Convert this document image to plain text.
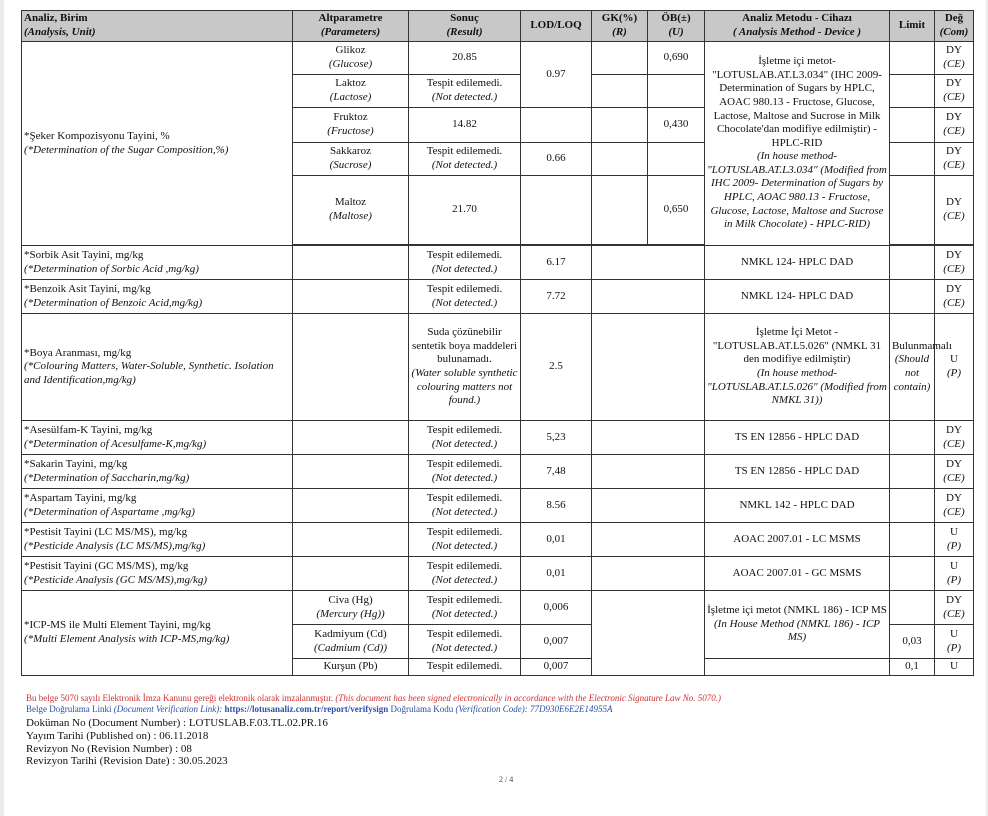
Analiz, Birim
(Analysis, Unit)	Altparametre
(Parameters)	Sonuç
(Result)	LOD/LOQ	GK(%)
(R)	ÖB(±)
(U)	Analiz Metodu - Cihazı
( Analysis Method - Device )	Limit	Değ
(Com)

*Şeker Kompozisyonu Tayini, %
(*Determination of the Sugar Composition,%)	Glikoz
(Glucose)	20.85	0.97		0,690	İşletme içi metot- "LOTUSLAB.AT.L3.034" (IHC 2009- Determination of Sugars by HPLC, AOAC 980.13 - Fructose, Glucose, Lactose, Maltose and Sucrose in Milk Chocolate'dan modifiye edilmiştir) - HPLC-RID
(In house method- "LOTUSLAB.AT.L3.034" (Modified from IHC 2009- Determination of Sugars by HPLC, AOAC 980.13 - Fructose, Glucose, Lactose, Maltose and Sucrose in Milk Chocolate) - HPLC-RID)		DY
(CE)

	Laktoz
(Lactose)	Tespit edilemedi.
(Not detected.)						DY
(CE)

	Fruktoz
(Fructose)	14.82			0,430			DY
(CE)

	Sakkaroz
(Sucrose)	Tespit edilemedi.
(Not detected.)	0.66					DY
(CE)

	Maltoz
(Maltose)	21.70			0,650			DY
(CE)

*Sorbik Asit Tayini, mg/kg
(*Determination of Sorbic Acid ,mg/kg)		Tespit edilemedi.
(Not detected.)	6.17			NMKL 124- HPLC DAD		DY
(CE)

*Benzoik Asit Tayini, mg/kg
(*Determination of Benzoic Acid,mg/kg)		Tespit edilemedi.
(Not detected.)	7.72			NMKL 124- HPLC DAD		DY
(CE)

*Boya Aranması, mg/kg
(*Colouring Matters, Water-Soluble, Synthetic. Isolation and Identification,mg/kg)		Suda çözünebilir sentetik boya maddeleri bulunamadı.
(Water soluble synthetic colouring matters not found.)	2.5			İşletme İçi Metot - "LOTUSLAB.AT.L5.026" (NMKL 31 den modifiye edilmiştir)
(In house method- "LOTUSLAB.AT.L5.026" (Modified from NMKL 31))	Bulunmamalı
(Should not contain)	U
(P)

*Asesülfam-K Tayini, mg/kg
(*Determination of Acesulfame-K,mg/kg)		Tespit edilemedi.
(Not detected.)	5,23			TS EN 12856 - HPLC DAD		DY
(CE)

*Sakarin Tayini, mg/kg
(*Determination of Saccharin,mg/kg)		Tespit edilemedi.
(Not detected.)	7,48			TS EN 12856 - HPLC DAD		DY
(CE)

*Aspartam Tayini, mg/kg
(*Determination of Aspartame ,mg/kg)		Tespit edilemedi.
(Not detected.)	8.56			NMKL 142 - HPLC DAD		DY
(CE)

*Pestisit Tayini (LC MS/MS), mg/kg
(*Pesticide Analysis (LC MS/MS),mg/kg)		Tespit edilemedi.
(Not detected.)	0,01			AOAC 2007.01 - LC MSMS		U
(P)

*Pestisit Tayini (GC MS/MS), mg/kg
(*Pesticide Analysis (GC MS/MS),mg/kg)		Tespit edilemedi.
(Not detected.)	0,01			AOAC 2007.01 - GC MSMS		U
(P)

*ICP-MS ile Multi Element Tayini, mg/kg
(*Multi Element Analysis with ICP-MS,mg/kg)	Civa (Hg)
(Mercury (Hg))	Tespit edilemedi.
(Not detected.)	0,006			İşletme içi metot (NMKL 186) - ICP MS
(In House Method (NMKL 186) - ICP MS)		DY
(CE)

	Kadmiyum (Cd)
(Cadmium (Cd))	Tespit edilemedi.
(Not detected.)	0,007				0,03	U
(P)

	Kurşun (Pb)	Tespit edilemedi.	0,007				0,1	U
Bu belge 5070 sayılı Elektronik İmza Kanunu gereği elektronik olarak imzalanmıştır. (This document has been signed electronically in accordance with the Electronic Signature Law No. 5070.)
Belge Doğrulama Linki (Document Verification Link): https://lotusanaliz.com.tr/report/verifysign Doğrulama Kodu (Verification Code): 77D930E6E2E14955A
Doküman No (Document Number) : LOTUSLAB.F.03.TL.02.PR.16
Yayım Tarihi (Published on) : 06.11.2018
Revizyon No (Revision Number) : 08
Revizyon Tarihi (Revision Date) : 30.05.2023
2 / 4
